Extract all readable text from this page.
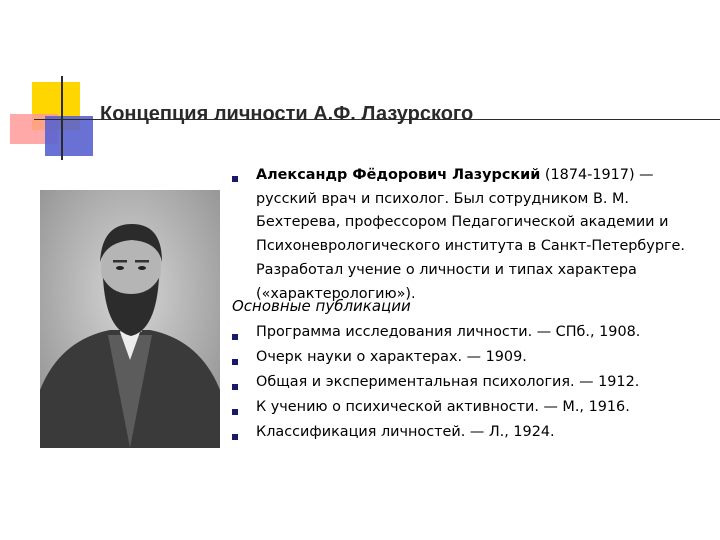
Концепция личности А.Ф. Лазурского
Александр Фёдорович Лазурский (1874-1917) — русский врач и психолог. Был сотрудником В. М. Бехтерева, профессором Педагогической академии и Психоневрологического института в Санкт-Петербурге. Разработал учение о личности и типах характера («характерологию»).
Основные публикации
Программа исследования личности. — СПб., 1908.
Очерк науки о характерах. — 1909.
Общая и экспериментальная психология. — 1912.
К учению о психической активности. — М., 1916.
Классификация личностей. — Л., 1924.
